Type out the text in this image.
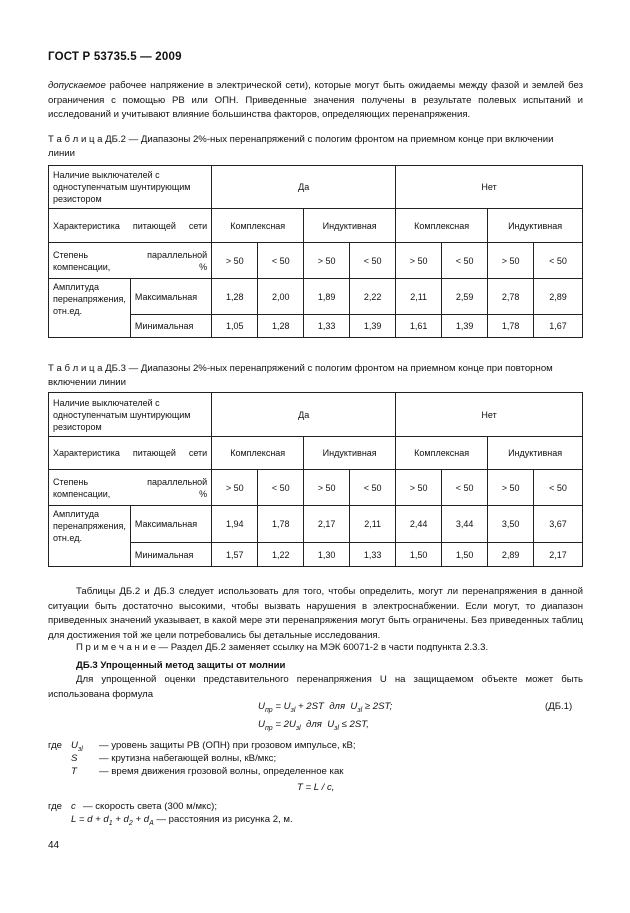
ГОСТ Р 53735.5 — 2009
допускаемое рабочее напряжение в электрической сети), которые могут быть ожидаемы между фазой и землей без ограничения с помощью РВ или ОПН. Приведенные значения получены в результате полевых испытаний и исследований и учитывают влияние большинства факторов, определяющих перенапряжения.
Т а б л и ц а ДБ.2 — Диапазоны 2%-ных перенапряжений с пологим фронтом на приемном конце при включении линии
Наличие выключателей с одноступенчатым шунтирующим резистором		Да				Нет			
Характеристика питающей сети		Комплексная		Индуктивная		Комплексная		Индуктивная	
Степень параллельной компенсации, %		> 50	< 50	> 50	< 50	> 50	< 50	> 50	< 50
Амплитуда перенапряжения, отн.ед.	Максимальная	1,28	2,00	1,89	2,22	2,11	2,59	2,78	2,89
	Минимальная	1,05	1,28	1,33	1,39	1,61	1,39	1,78	1,67
Т а б л и ц а ДБ.3 — Диапазоны 2%-ных перенапряжений с пологим фронтом на приемном конце при повторном включении линии
Наличие выключателей с одноступенчатым шунтирующим резистором		Да				Нет			
Характеристика питающей сети		Комплексная		Индуктивная		Комплексная		Индуктивная	
Степень параллельной компенсации, %		> 50	< 50	> 50	< 50	> 50	< 50	> 50	< 50
Амплитуда перенапряжения, отн.ед.	Максимальная	1,94	1,78	2,17	2,11	2,44	3,44	3,50	3,67
	Минимальная	1,57	1,22	1,30	1,33	1,50	1,50	2,89	2,17
Таблицы ДБ.2 и ДБ.3 следует использовать для того, чтобы определить, могут ли перенапряжения в данной ситуации быть достаточно высокими, чтобы вызвать нарушения в электроснабжении. Если могут, то диапазон приведенных значений указывает, в какой мере эти перенапряжения могут быть ограничены. Без приведенных таблиц для достижения той же цели потребовались бы детальные исследования.
П р и м е ч а н и е — Раздел ДБ.2 заменяет ссылку на МЭК 60071-2 в части подпункта 2.3.3.
ДБ.3 Упрощенный метод защиты от молнии
Для упрощенной оценки представительного перенапряжения U на защищаемом объекте может быть использована формула
$U_{пр} = U_{зl} + 2ST$  для  $U_{зl} \ge 2ST$;	(ДБ.1)
$U_{пр} = 2U_{зl}$  для  $U_{зl} \le 2ST$,
где $U_{зl}$ — уровень защиты РВ (ОПН) при грозовом импульсе, кВ;
S — крутизна набегающей волны, кВ/мкс;
T — время движения грозовой волны, определенное как
T = L / c,
где c — скорость света (300 м/мкс);
$L = d + d_1 + d_2 + d_A$ — расстояния из рисунка 2, м.
44
